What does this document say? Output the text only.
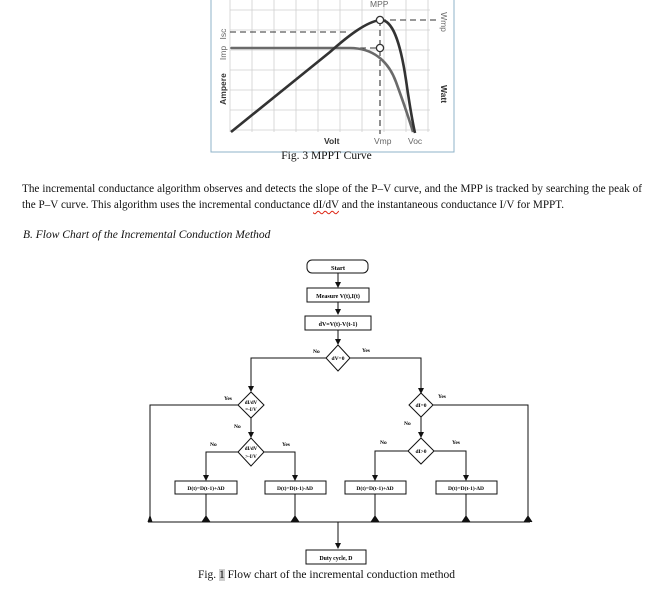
MPP
Isc
Imp
Ampere
Wmp
Watt
Volt	Vmp Voc
Fig. 3 MPPT Curve
The incremental conductance algorithm observes and detects the slope of the P–V curve, and the MPP is tracked by searching the peak of the P–V curve. This algorithm uses the incremental conductance dI/dV and the instantaneous conductance I/V for MPPT.
B. Flow Chart of the Incremental Conduction Method
Start
Measure V(t),I(t)
dV=V(t)-V(t-1)
dV=0
No	Yes
dI/dV
=-I/V
Yes
No
dI=0
Yes
No
dI/dV
>-I/V
No	Yes
dI>0
No	Yes
D(t)=D(t-1)+ΔD	D(t)=D(t-1)-ΔD	D(t)=D(t-1)+ΔD	D(t)=D(t-1)-ΔD
Duty cycle, D
Fig. 1 Flow chart of the incremental conduction method
